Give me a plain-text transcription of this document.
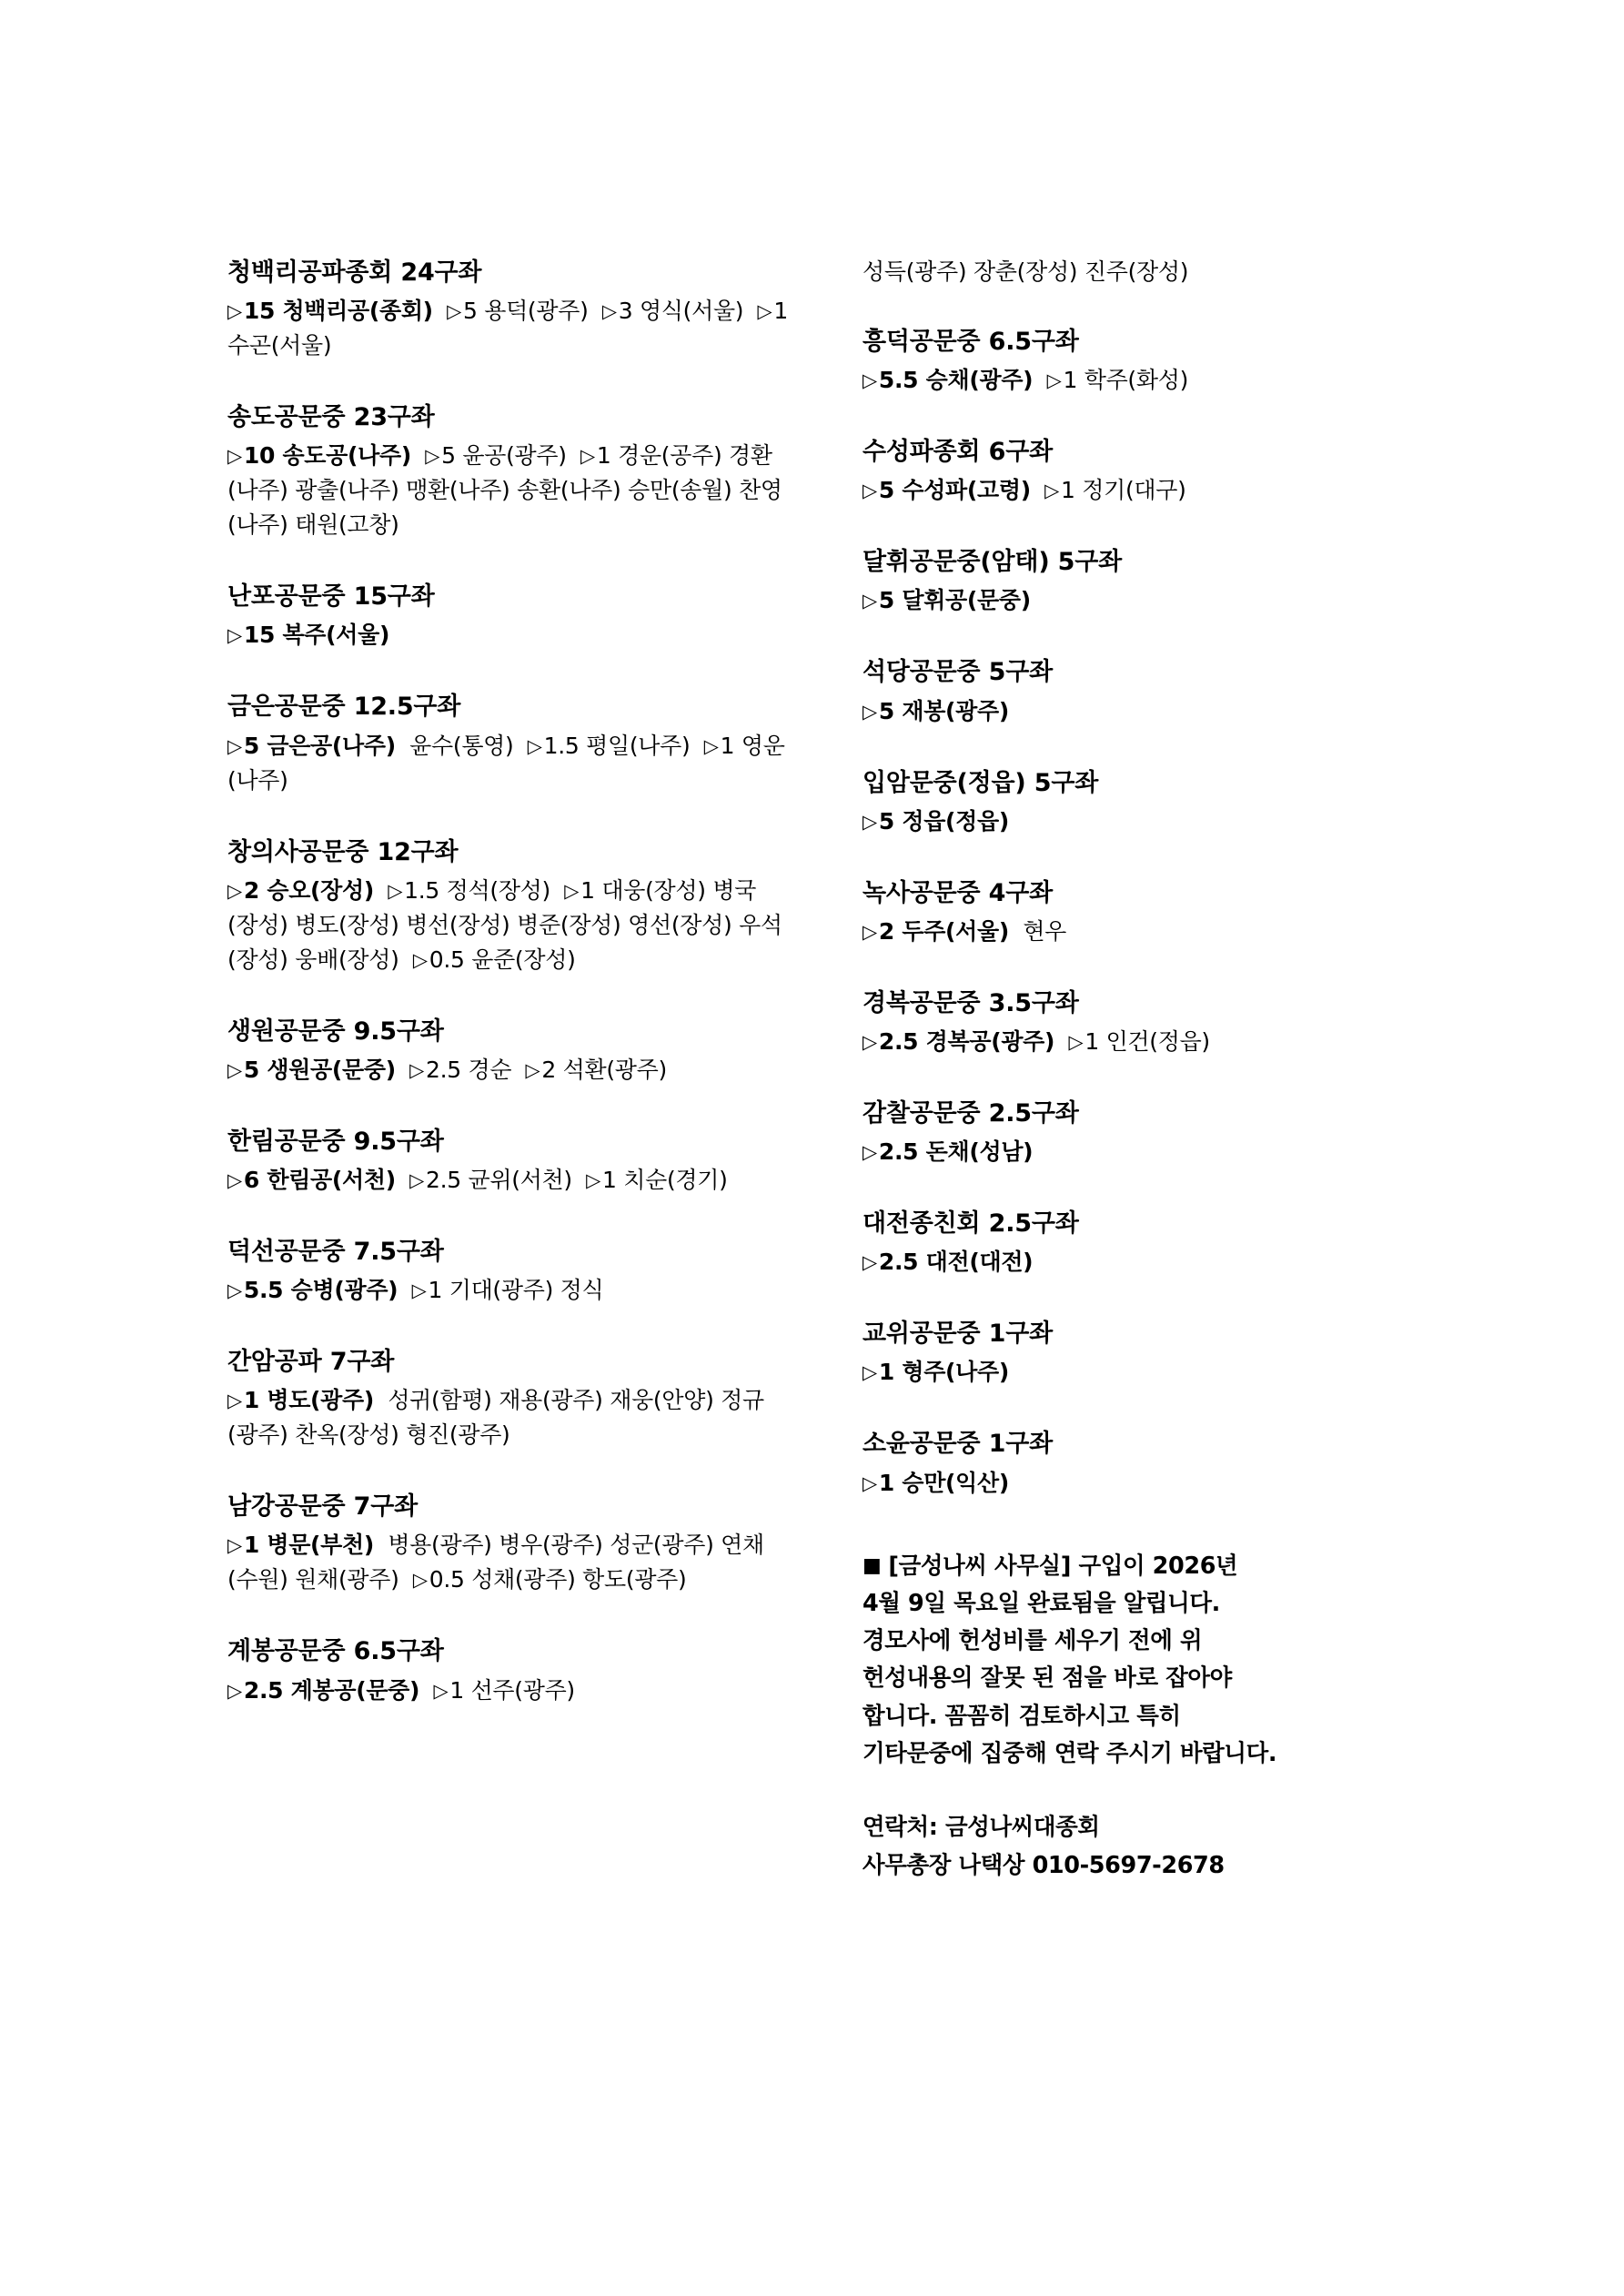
청백리공파종회 24구좌
▷15 청백리공(종회) ▷5 용덕(광주) ▷3 영식(서울) ▷1 수곤(서울)
송도공문중 23구좌
▷10 송도공(나주) ▷5 윤공(광주) ▷1 경운(공주) 경환(나주) 광출(나주) 맹환(나주) 송환(나주) 승만(송월) 찬영(나주) 태원(고창)
난포공문중 15구좌
▷15 복주(서울)
금은공문중 12.5구좌
▷5 금은공(나주) 윤수(통영) ▷1.5 평일(나주) ▷1 영운(나주)
창의사공문중 12구좌
▷2 승오(장성) ▷1.5 정석(장성) ▷1 대웅(장성) 병국(장성) 병도(장성) 병선(장성) 병준(장성) 영선(장성) 우석(장성) 웅배(장성) ▷0.5 윤준(장성)
생원공문중 9.5구좌
▷5 생원공(문중) ▷2.5 경순 ▷2 석환(광주)
한림공문중 9.5구좌
▷6 한림공(서천) ▷2.5 균위(서천) ▷1 치순(경기)
덕선공문중 7.5구좌
▷5.5 승병(광주) ▷1 기대(광주) 정식
간암공파 7구좌
▷1 병도(광주) 성귀(함평) 재용(광주) 재웅(안양) 정규(광주) 찬옥(장성) 형진(광주)
남강공문중 7구좌
▷1 병문(부천) 병용(광주) 병우(광주) 성군(광주) 연채(수원) 원채(광주) ▷0.5 성채(광주) 항도(광주)
계봉공문중 6.5구좌
▷2.5 계봉공(문중) ▷1 선주(광주)
성득(광주) 장춘(장성) 진주(장성)
흥덕공문중 6.5구좌
▷5.5 승채(광주) ▷1 학주(화성)
수성파종회 6구좌
▷5 수성파(고령) ▷1 정기(대구)
달휘공문중(암태) 5구좌
▷5 달휘공(문중)
석당공문중 5구좌
▷5 재봉(광주)
입암문중(정읍) 5구좌
▷5 정읍(정읍)
녹사공문중 4구좌
▷2 두주(서울) 현우
경복공문중 3.5구좌
▷2.5 경복공(광주) ▷1 인건(정읍)
감찰공문중 2.5구좌
▷2.5 돈채(성남)
대전종친회 2.5구좌
▷2.5 대전(대전)
교위공문중 1구좌
▷1 형주(나주)
소윤공문중 1구좌
▷1 승만(익산)
■ [금성나씨 사무실] 구입이 2026년
4월 9일 목요일 완료됨을 알립니다.
경모사에 헌성비를 세우기 전에 위
헌성내용의 잘못 된 점을 바로 잡아야
합니다. 꼼꼼히 검토하시고 특히
기타문중에 집중해 연락 주시기 바랍니다.
연락처: 금성나씨대종회
사무총장 나택상 010-5697-2678
